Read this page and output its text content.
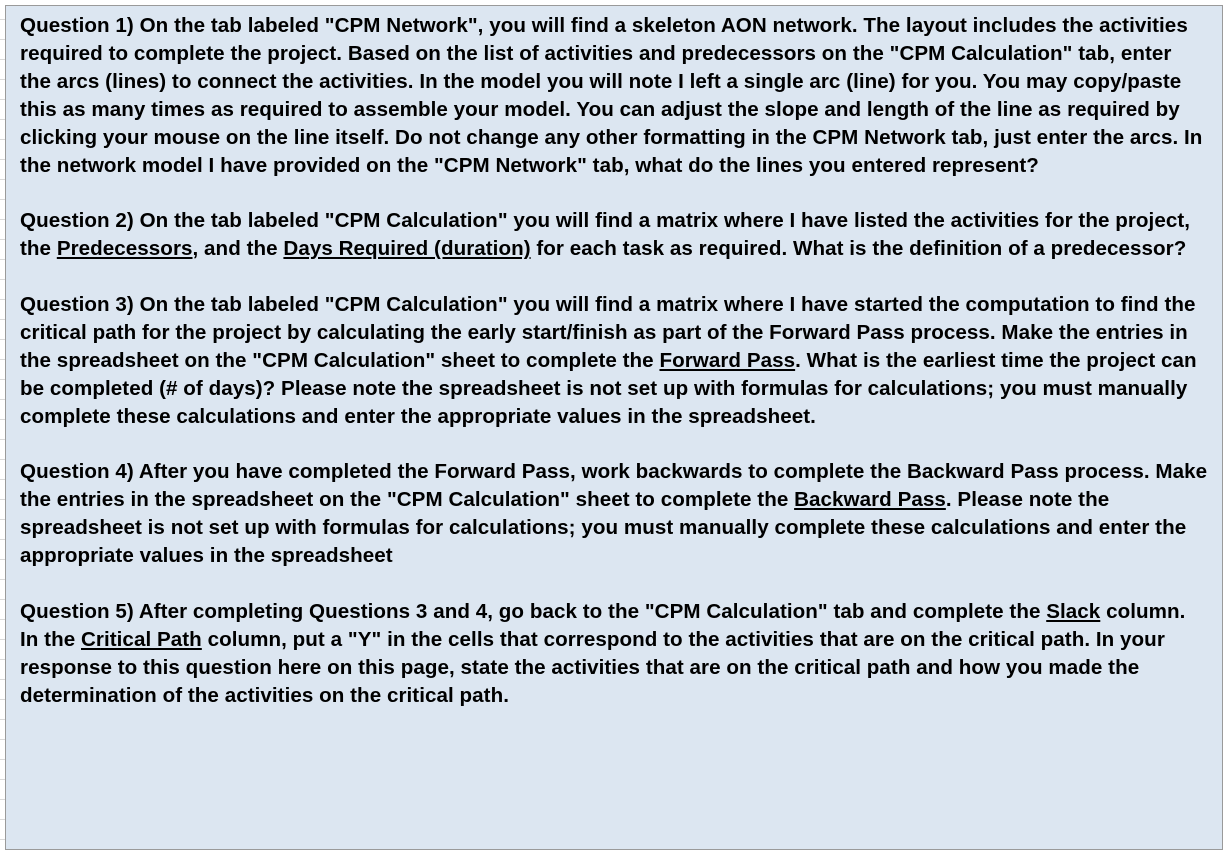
Question 1) On the tab labeled "CPM Network", you will find a skeleton AON network. The layout includes the activities required to complete the project. Based on the list of activities and predecessors on the "CPM Calculation" tab, enter the arcs (lines) to connect the activities. In the model you will note I left a single arc (line) for you. You may copy/paste this as many times as required to assemble your model. You can adjust the slope and length of the line as required by clicking your mouse on the line itself. Do not change any other formatting in the CPM Network tab, just enter the arcs. In the network model I have provided on the "CPM Network" tab, what do the lines you entered represent?

Question 2) On the tab labeled "CPM Calculation" you will find a matrix where I have listed the activities for the project, the Predecessors, and the Days Required (duration) for each task as required. What is the definition of a predecessor?

Question 3) On the tab labeled "CPM Calculation" you will find a matrix where I have started the computation to find the critical path for the project by calculating the early start/finish as part of the Forward Pass process. Make the entries in the spreadsheet on the "CPM Calculation" sheet to complete the Forward Pass. What is the earliest time the project can be completed (# of days)? Please note the spreadsheet is not set up with formulas for calculations; you must manually complete these calculations and enter the appropriate values in the spreadsheet.

Question 4) After you have completed the Forward Pass, work backwards to complete the Backward Pass process. Make the entries in the spreadsheet on the "CPM Calculation" sheet to complete the Backward Pass. Please note the spreadsheet is not set up with formulas for calculations; you must manually complete these calculations and enter the appropriate values in the spreadsheet

Question 5) After completing Questions 3 and 4, go back to the "CPM Calculation" tab and complete the Slack column. In the Critical Path column, put a "Y" in the cells that correspond to the activities that are on the critical path. In your response to this question here on this page, state the activities that are on the critical path and how you made the determination of the activities on the critical path.
